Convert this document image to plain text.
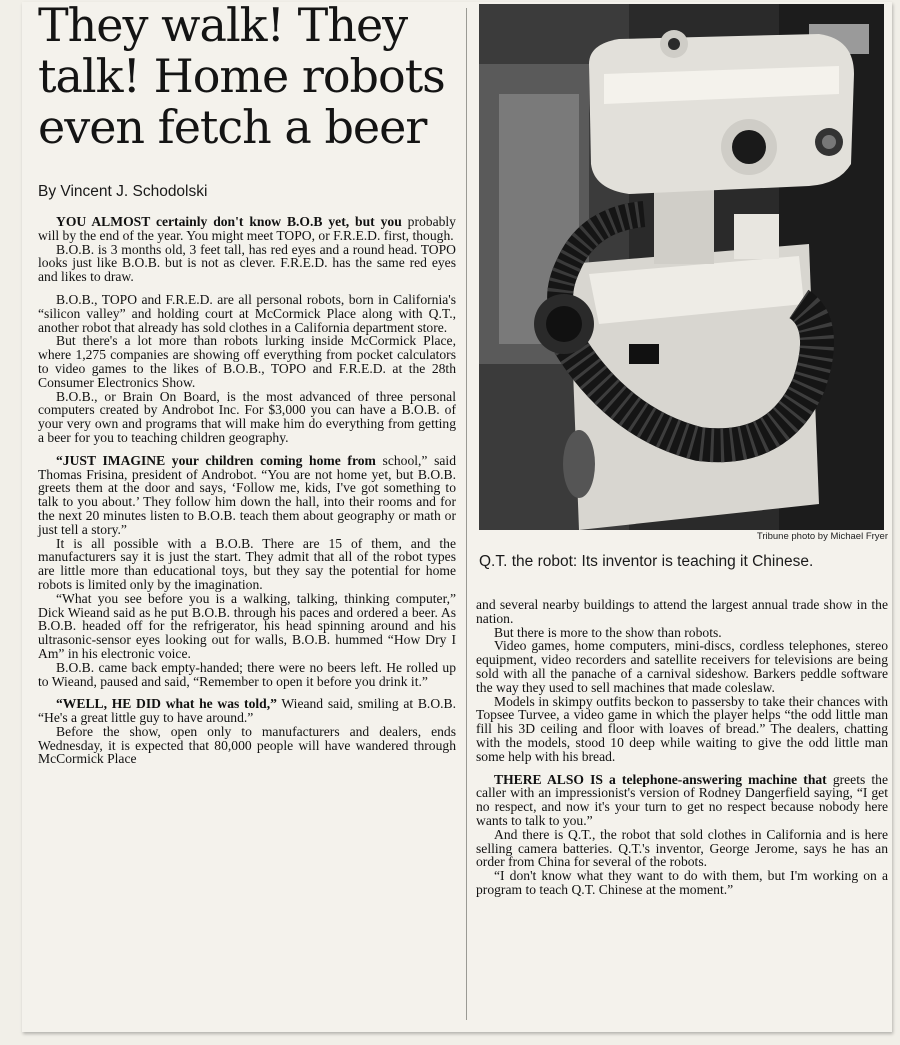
They walk! They talk! Home robots even fetch a beer
By Vincent J. Schodolski

YOU ALMOST certainly don't know B.O.B yet, but you probably will by the end of the year. You might meet TOPO, or F.R.E.D. first, though.

B.O.B. is 3 months old, 3 feet tall, has red eyes and a round head. TOPO looks just like B.O.B. but is not as clever. F.R.E.D. has the same red eyes and likes to draw.

B.O.B., TOPO and F.R.E.D. are all personal robots, born in California's “silicon valley” and holding court at McCormick Place along with Q.T., another robot that already has sold clothes in a California department store.

But there's a lot more than robots lurking inside McCormick Place, where 1,275 companies are showing off everything from pocket calculators to video games to the likes of B.O.B., TOPO and F.R.E.D. at the 28th Consumer Electronics Show.

B.O.B., or Brain On Board, is the most advanced of three personal computers created by Androbot Inc. For $3,000 you can have a B.O.B. of your very own and programs that will make him do everything from getting a beer for you to teaching children geography.

“JUST IMAGINE your children coming home from school,” said Thomas Frisina, president of Androbot. “You are not home yet, but B.O.B. greets them at the door and says, ‘Follow me, kids, I've got something to talk to you about.’ They follow him down the hall, into their rooms and for the next 20 minutes listen to B.O.B. teach them about geography or math or just tell a story.”

It is all possible with a B.O.B. There are 15 of them, and the manufacturers say it is just the start. They admit that all of the robot types are little more than educational toys, but they say the potential for home robots is limited only by the imagination.

“What you see before you is a walking, talking, thinking computer,” Dick Wieand said as he put B.O.B. through his paces and ordered a beer. As B.O.B. headed off for the refrigerator, his head spinning around and his ultrasonic-sensor eyes looking out for walls, B.O.B. hummed “How Dry I Am” in his electronic voice.

B.O.B. came back empty-handed; there were no beers left. He rolled up to Wieand, paused and said, “Remember to open it before you drink it.”

“WELL, HE DID what he was told,” Wieand said, smiling at B.O.B. “He's a great little guy to have around.”

Before the show, open only to manufacturers and dealers, ends Wednesday, it is expected that 80,000 people will have wandered through McCormick Place

Tribune photo by Michael Fryer
Q.T. the robot: Its inventor is teaching it Chinese.

and several nearby buildings to attend the largest annual trade show in the nation.

But there is more to the show than robots.

Video games, home computers, mini-discs, cordless telephones, stereo equipment, video recorders and satellite receivers for televisions are being sold with all the panache of a carnival sideshow. Barkers peddle software the way they used to sell machines that made coleslaw.

Models in skimpy outfits beckon to passersby to take their chances with Topsee Turvee, a video game in which the player helps “the odd little man fill his 3D ceiling and floor with loaves of bread.” The dealers, chatting with the models, stood 10 deep while waiting to give the odd little man some help with his bread.

THERE ALSO IS a telephone-answering machine that greets the caller with an impressionist's version of Rodney Dangerfield saying, “I get no respect, and now it's your turn to get no respect because nobody here wants to talk to you.”

And there is Q.T., the robot that sold clothes in California and is here selling camera batteries. Q.T.'s inventor, George Jerome, says he has an order from China for several of the robots.

“I don't know what they want to do with them, but I'm working on a program to teach Q.T. Chinese at the moment.”
